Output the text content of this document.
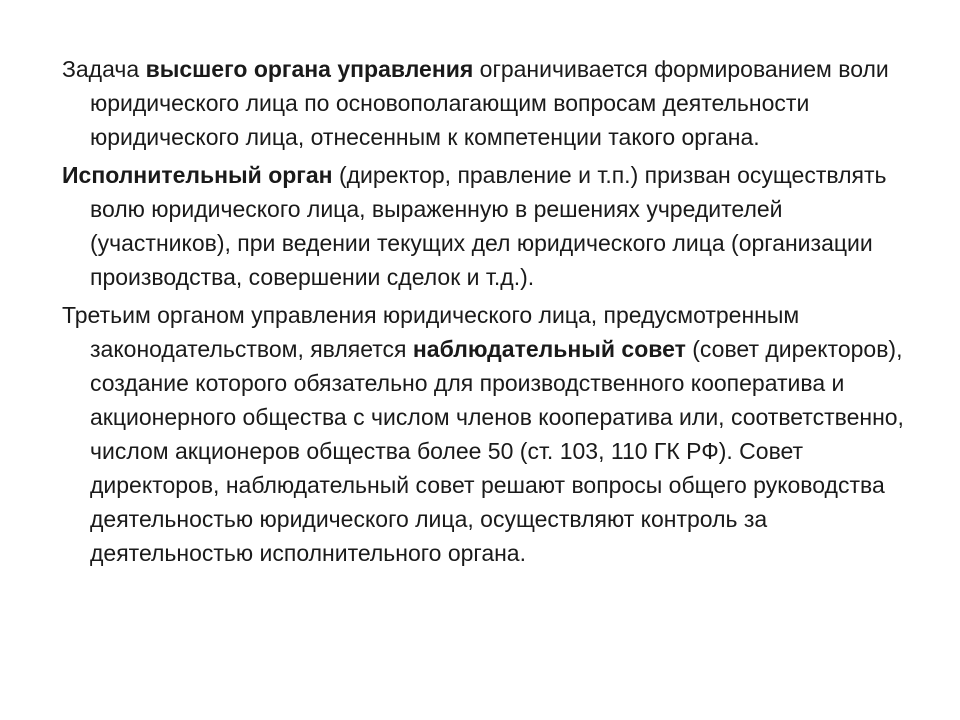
Задача высшего органа управления ограничивается формированием воли юридического лица по основополагающим вопросам деятельности юридического лица, отнесенным к компетенции такого органа.

Исполнительный орган (директор, правление и т.п.) призван осуществлять волю юридического лица, выраженную в решениях учредителей (участников), при ведении текущих дел юридического лица (организации производства, совершении сделок и т.д.).

Третьим органом управления юридического лица, предусмотренным законодательством, является наблюдательный совет (совет директоров), создание которого обязательно для производственного кооператива и акционерного общества с числом членов кооператива или, соответственно, числом акционеров общества более 50 (ст. 103, 110 ГК РФ). Совет директоров, наблюдательный совет решают вопросы общего руководства деятельностью юридического лица, осуществляют контроль за деятельностью исполнительного органа.
